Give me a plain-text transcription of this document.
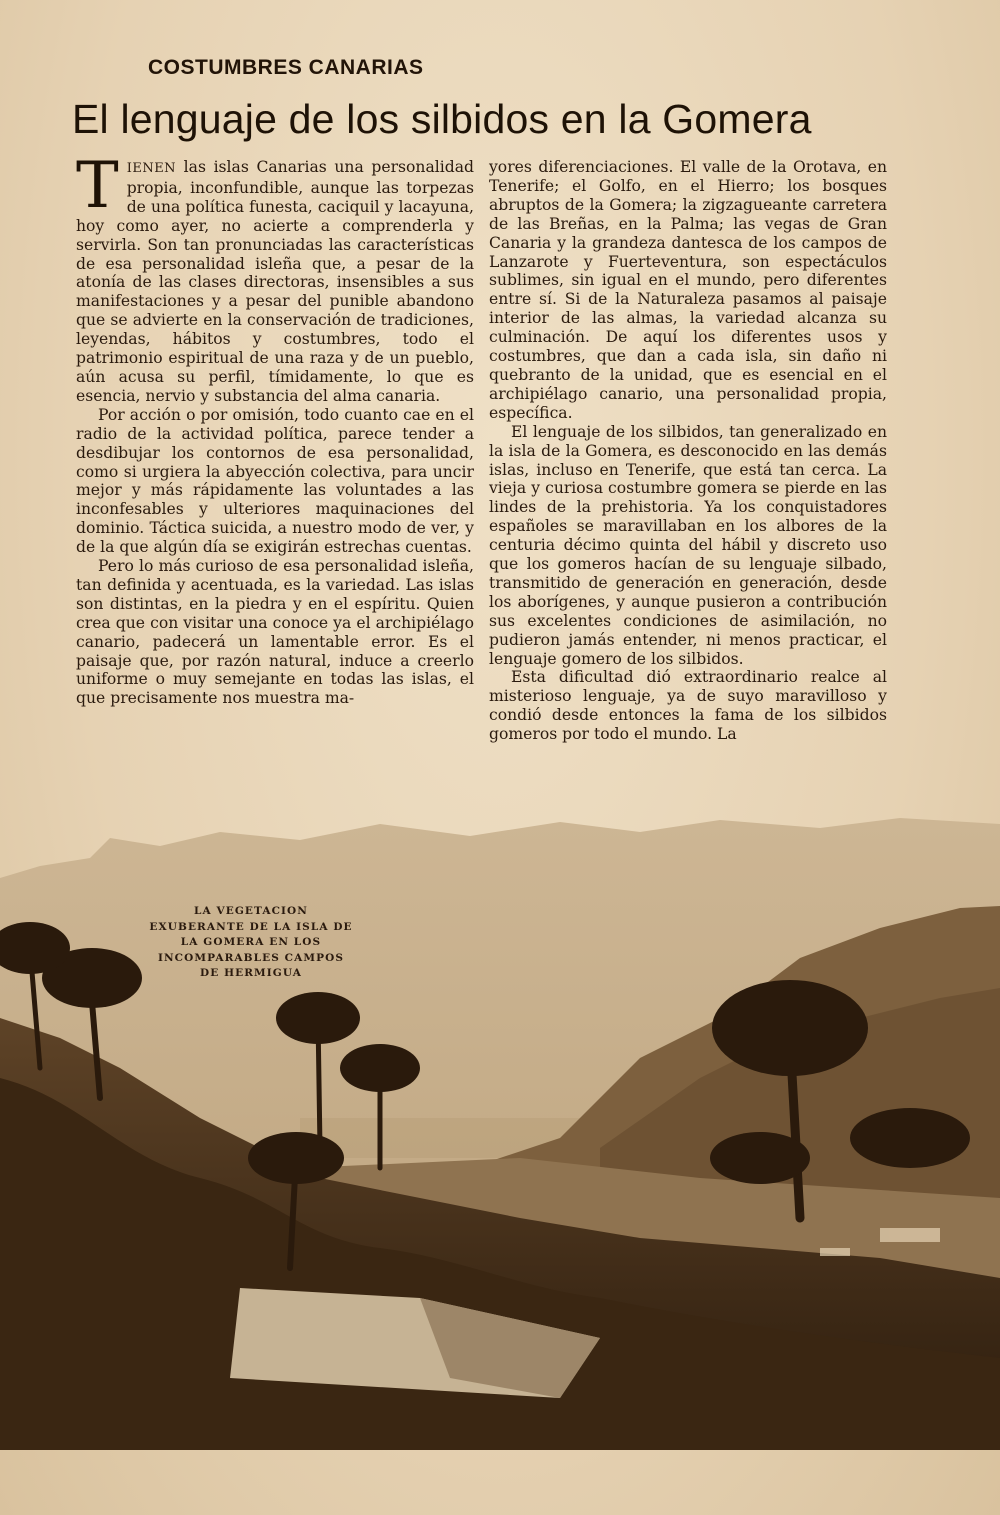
COSTUMBRES CANARIAS
El lenguaje de los silbidos en la Gomera

TIENEN las islas Canarias una personalidad propia, inconfundible, aunque las torpezas de una política funesta, caciquil y lacayuna, hoy como ayer, no aciertе a comprenderla y servirla. Son tan pronunciadas las características de esa personalidad isleña que, a pesar de la atonía de las clases directoras, insensibles a sus manifestaciones y a pesar del punible abandono que se advierte en la conservación de tradiciones, leyendas, hábitos y costumbres, todo el patrimonio espiritual de una raza y de un pueblo, aún acusa su perfil, tímidamente, lo que es esencia, nervio y substancia del alma canaria.

Por acción o por omisión, todo cuanto cae en el radio de la actividad política, parece tender a desdibujar los contornos de esa personalidad, como si urgiera la abyección colectiva, para uncir mejor y más rápidamente las voluntades a las inconfesables y ulteriores maquinaciones del dominio. Táctica suicida, a nuestro modo de ver, y de la que algún día se exigirán estrechas cuentas.

Pero lo más curioso de esa personalidad isleña, tan definida y acentuada, es la variedad. Las islas son distintas, en la piedra y en el espíritu. Quien crea que con visitar una conoce ya el archipiélago canario, padecerá un lamentable error. Es el paisaje que, por razón natural, induce a creerlo uniforme o muy semejante en todas las islas, el que precisamente nos muestra ma-

yores diferenciaciones. El valle de la Orotava, en Tenerife; el Golfo, en el Hierro; los bosques abruptos de la Gomera; la zigzagueante carretera de las Breñas, en la Palma; las vegas de Gran Canaria y la grandeza dantesca de los campos de Lanzarote y Fuerteventura, son espectáculos sublimes, sin igual en el mundo, pero diferentes entre sí. Si de la Naturaleza pasamos al paisaje interior de las almas, la variedad alcanza su culminación. De aquí los diferentes usos y costumbres, que dan a cada isla, sin daño ni quebranto de la unidad, que es esencial en el archipiélago canario, una personalidad propia, específica.

El lenguaje de los silbidos, tan generalizado en la isla de la Gomera, es desconocido en las demás islas, incluso en Tenerife, que está tan cerca. La vieja y curiosa costumbre gomera se pierde en las lindes de la prehistoria. Ya los conquistadores españoles se maravillaban en los albores de la centuria décimo quinta del hábil y discreto uso que los gomeros hacían de su lenguaje silbado, transmitido de generación en generación, desde los aborígenes, y aunque pusieron a contribución sus excelentes condiciones de asimilación, no pudieron jamás entender, ni menos practicar, el lenguaje gomero de los silbidos.

Esta dificultad dió extraordinario realce al misterioso lenguaje, ya de suyo maravilloso y condió desde entonces la fama de los silbidos gomeros por todo el mundo. La

LA VEGETACION EXUBERANTE DE LA ISLA DE LA GOMERA EN LOS INCOMPARABLES CAMPOS DE HERMIGUA
